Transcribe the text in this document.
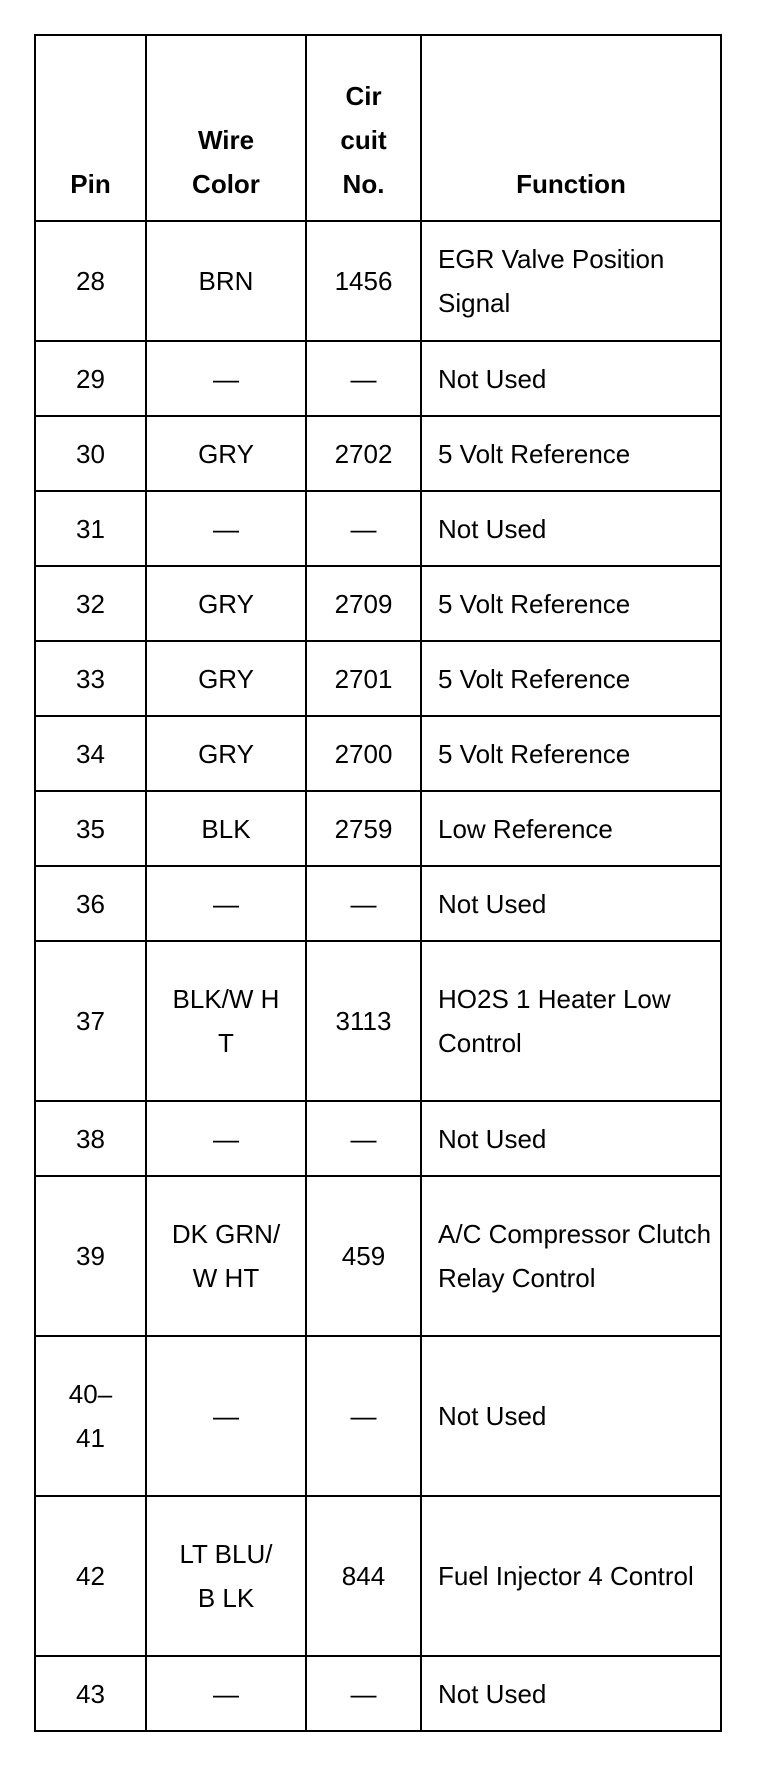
Pin	Wire Color	Cir cuit No.	Function
28	BRN	1456	EGR Valve Position Signal
29	—	—	Not Used
30	GRY	2702	5 Volt Reference
31	—	—	Not Used
32	GRY	2709	5 Volt Reference
33	GRY	2701	5 Volt Reference
34	GRY	2700	5 Volt Reference
35	BLK	2759	Low Reference
36	—	—	Not Used
37	BLK/W HT	3113	HO2S 1 Heater Low Control
38	—	—	Not Used
39	DK GRN/W HT	459	A/C Compressor Clutch Relay Control
40– 41	—	—	Not Used
42	LT BLU/B LK	844	Fuel Injector 4 Control
43	—	—	Not Used
